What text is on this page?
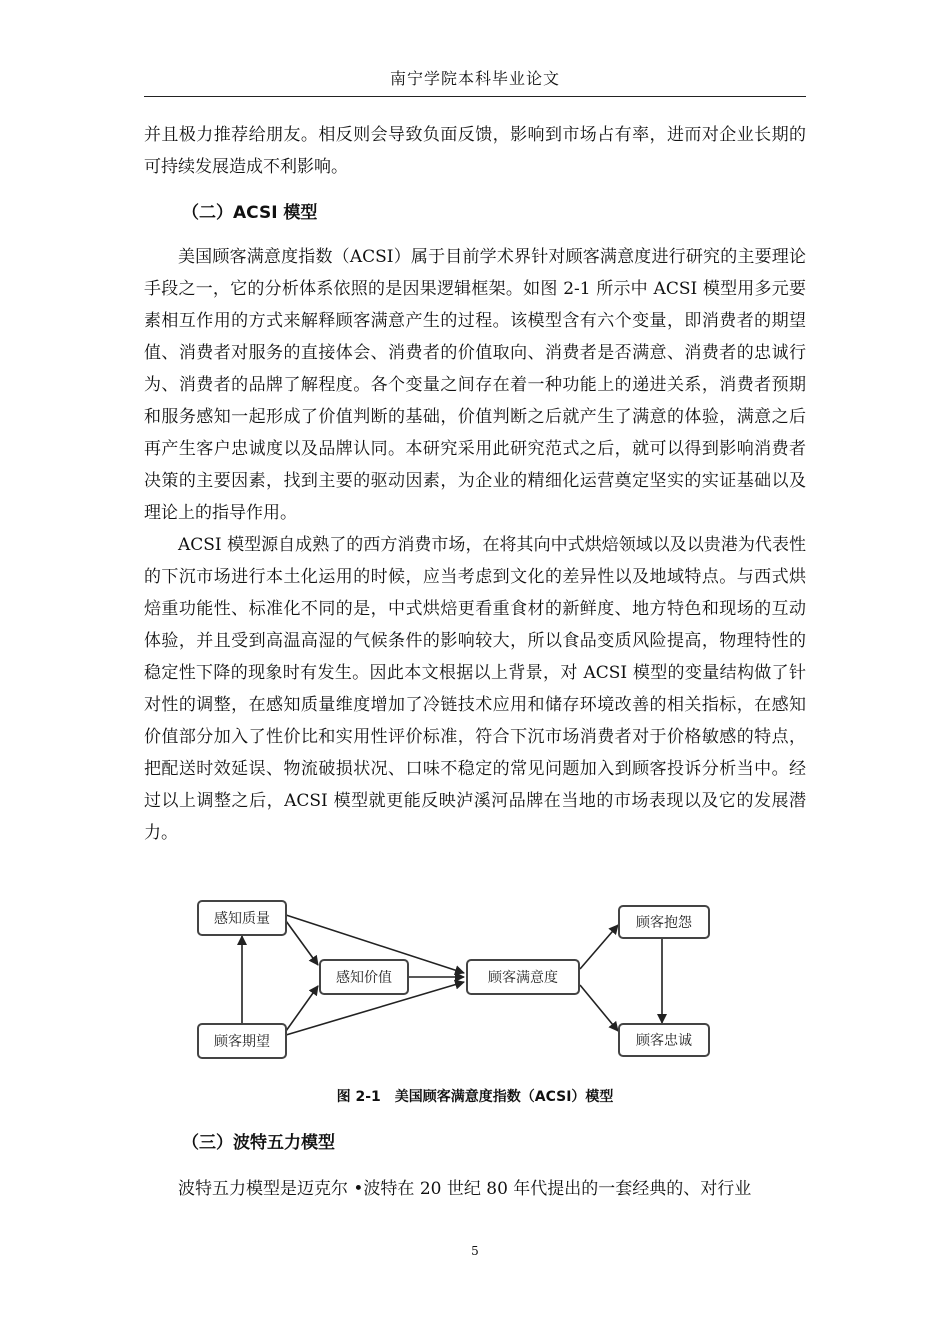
南宁学院本科毕业论文
并且极力推荐给朋友。相反则会导致负面反馈，影响到市场占有率，进而对企业长期的可持续发展造成不利影响。
（二）ACSI 模型
美国顾客满意度指数（ACSI）属于目前学术界针对顾客满意度进行研究的主要理论手段之一，它的分析体系依照的是因果逻辑框架。如图 2-1 所示中 ACSI 模型用多元要素相互作用的方式来解释顾客满意产生的过程。该模型含有六个变量，即消费者的期望值、消费者对服务的直接体会、消费者的价值取向、消费者是否满意、消费者的忠诚行为、消费者的品牌了解程度。各个变量之间存在着一种功能上的递进关系，消费者预期和服务感知一起形成了价值判断的基础，价值判断之后就产生了满意的体验，满意之后再产生客户忠诚度以及品牌认同。本研究采用此研究范式之后，就可以得到影响消费者决策的主要因素，找到主要的驱动因素，为企业的精细化运营奠定坚实的实证基础以及理论上的指导作用。
ACSI 模型源自成熟了的西方消费市场，在将其向中式烘焙领域以及以贵港为代表性的下沉市场进行本土化运用的时候，应当考虑到文化的差异性以及地域特点。与西式烘焙重功能性、标准化不同的是，中式烘焙更看重食材的新鲜度、地方特色和现场的互动体验，并且受到高温高湿的气候条件的影响较大，所以食品变质风险提高，物理特性的稳定性下降的现象时有发生。因此本文根据以上背景，对 ACSI 模型的变量结构做了针对性的调整，在感知质量维度增加了冷链技术应用和储存环境改善的相关指标，在感知价值部分加入了性价比和实用性评价标准，符合下沉市场消费者对于价格敏感的特点，把配送时效延误、物流破损状况、口味不稳定的常见问题加入到顾客投诉分析当中。经过以上调整之后，ACSI 模型就更能反映泸溪河品牌在当地的市场表现以及它的发展潜力。
感知质量
顾客期望
感知价值	顾客满意度
顾客抱怨
顾客忠诚
图 2-1　美国顾客满意度指数（ACSI）模型
（三）波特五力模型
波特五力模型是迈克尔 •波特在 20 世纪 80 年代提出的一套经典的、对行业
5
